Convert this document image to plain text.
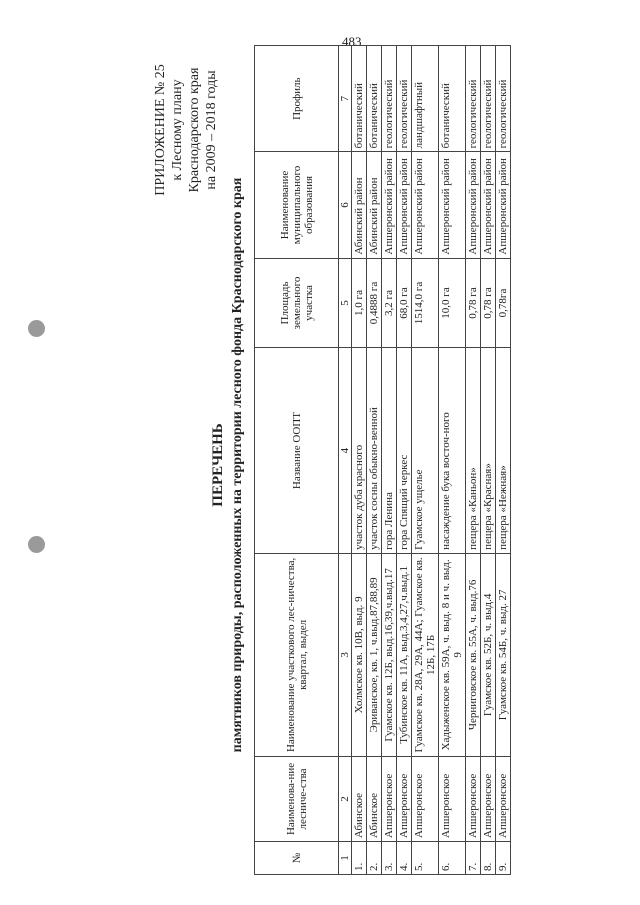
483
ПРИЛОЖЕНИЕ № 25 к Лесному плану Краснодарского края на 2009 – 2018 годы
ПЕРЕЧЕНЬ памятников природы, расположенных на территории лесного фонда Краснодарского края
№	Наименова-ние лесниче-ства	Наименование участкового лес-ничества, квартал, выдел	Название ООПТ	Площадь земельного участка	Наименование муниципального образования	Профиль
1	2	3	4	5	6	7
1.	Абинское	Холмское кв. 10В, выд. 9	участок дуба красного	1,0 га	Абинский район	ботанический
2.	Абинское	Эриванское, кв. 1, ч.выд.87,88,89	участок сосны обыкно-венной	0,4888 га	Абинский район	ботанический
3.	Апшеронское	Гуамское кв. 12Б, выд.16,39,ч.выд.17	гора Ленина	3,2 га	Апшеронский район	геологический
4.	Апшеронское	Тубинское кв. 11А, выд.3,4,27,ч.выд.1	гора Спящий черкес	68,0 га	Апшеронский район	геологический
5.	Апшеронское	Гуамское кв. 28А, 29А, 44А; Гуамское кв. 12Б, 17Б	Гуамское ущелье	1514,0 га	Апшеронский район	ландшафтный
6.	Апшеронское	Хадыженское кв. 59А, ч. выд. 8 и ч. выд. 9	насаждение бука восточ-ного	10,0 га	Апшеронский район	ботанический
7.	Апшеронское	Черниговское кв. 55А, ч. выд.76	пещера «Каньон»	0,78 га	Апшеронский район	геологический
8.	Апшеронское	Гуамское кв. 52Б, ч. выд.4	пещера «Красная»	0,78 га	Апшеронский район	геологический
9.	Апшеронское	Гуамское кв. 54Б, ч. выд. 27	пещера «Нежная»	0,78га	Апшеронский район	геологический
